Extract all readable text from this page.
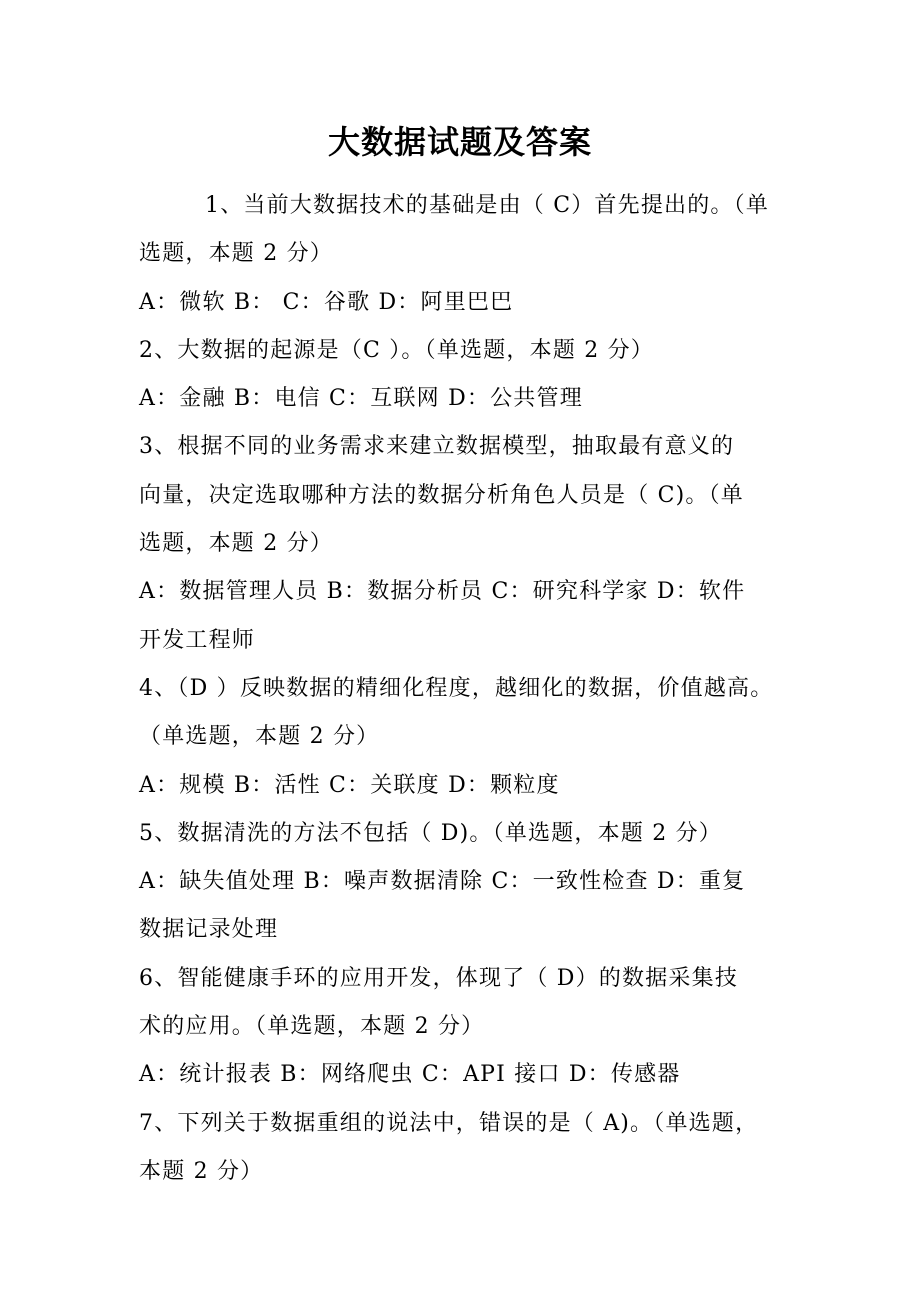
大数据试题及答案
1、当前大数据技术的基础是由（ C）首先提出的。（单
选题，本题 2 分）
A：微软 B： C：谷歌 D：阿里巴巴
2、大数据的起源是（C ）。（单选题，本题 2 分）
A：金融 B：电信 C：互联网 D：公共管理
3、根据不同的业务需求来建立数据模型，抽取最有意义的
向量，决定选取哪种方法的数据分析角色人员是（ C)。（单
选题，本题 2 分）
A：数据管理人员 B：数据分析员 C：研究科学家 D：软件
开发工程师
4、（D ）反映数据的精细化程度，越细化的数据，价值越高。
（单选题，本题 2 分）
A：规模 B：活性 C：关联度 D：颗粒度
5、数据清洗的方法不包括（ D)。（单选题，本题 2 分）
A：缺失值处理 B：噪声数据清除 C：一致性检查 D：重复
数据记录处理
6、智能健康手环的应用开发，体现了（ D）的数据采集技
术的应用。（单选题，本题 2 分）
A：统计报表 B：网络爬虫 C：API 接口 D：传感器
7、下列关于数据重组的说法中，错误的是（ A)。（单选题，
本题 2 分）
